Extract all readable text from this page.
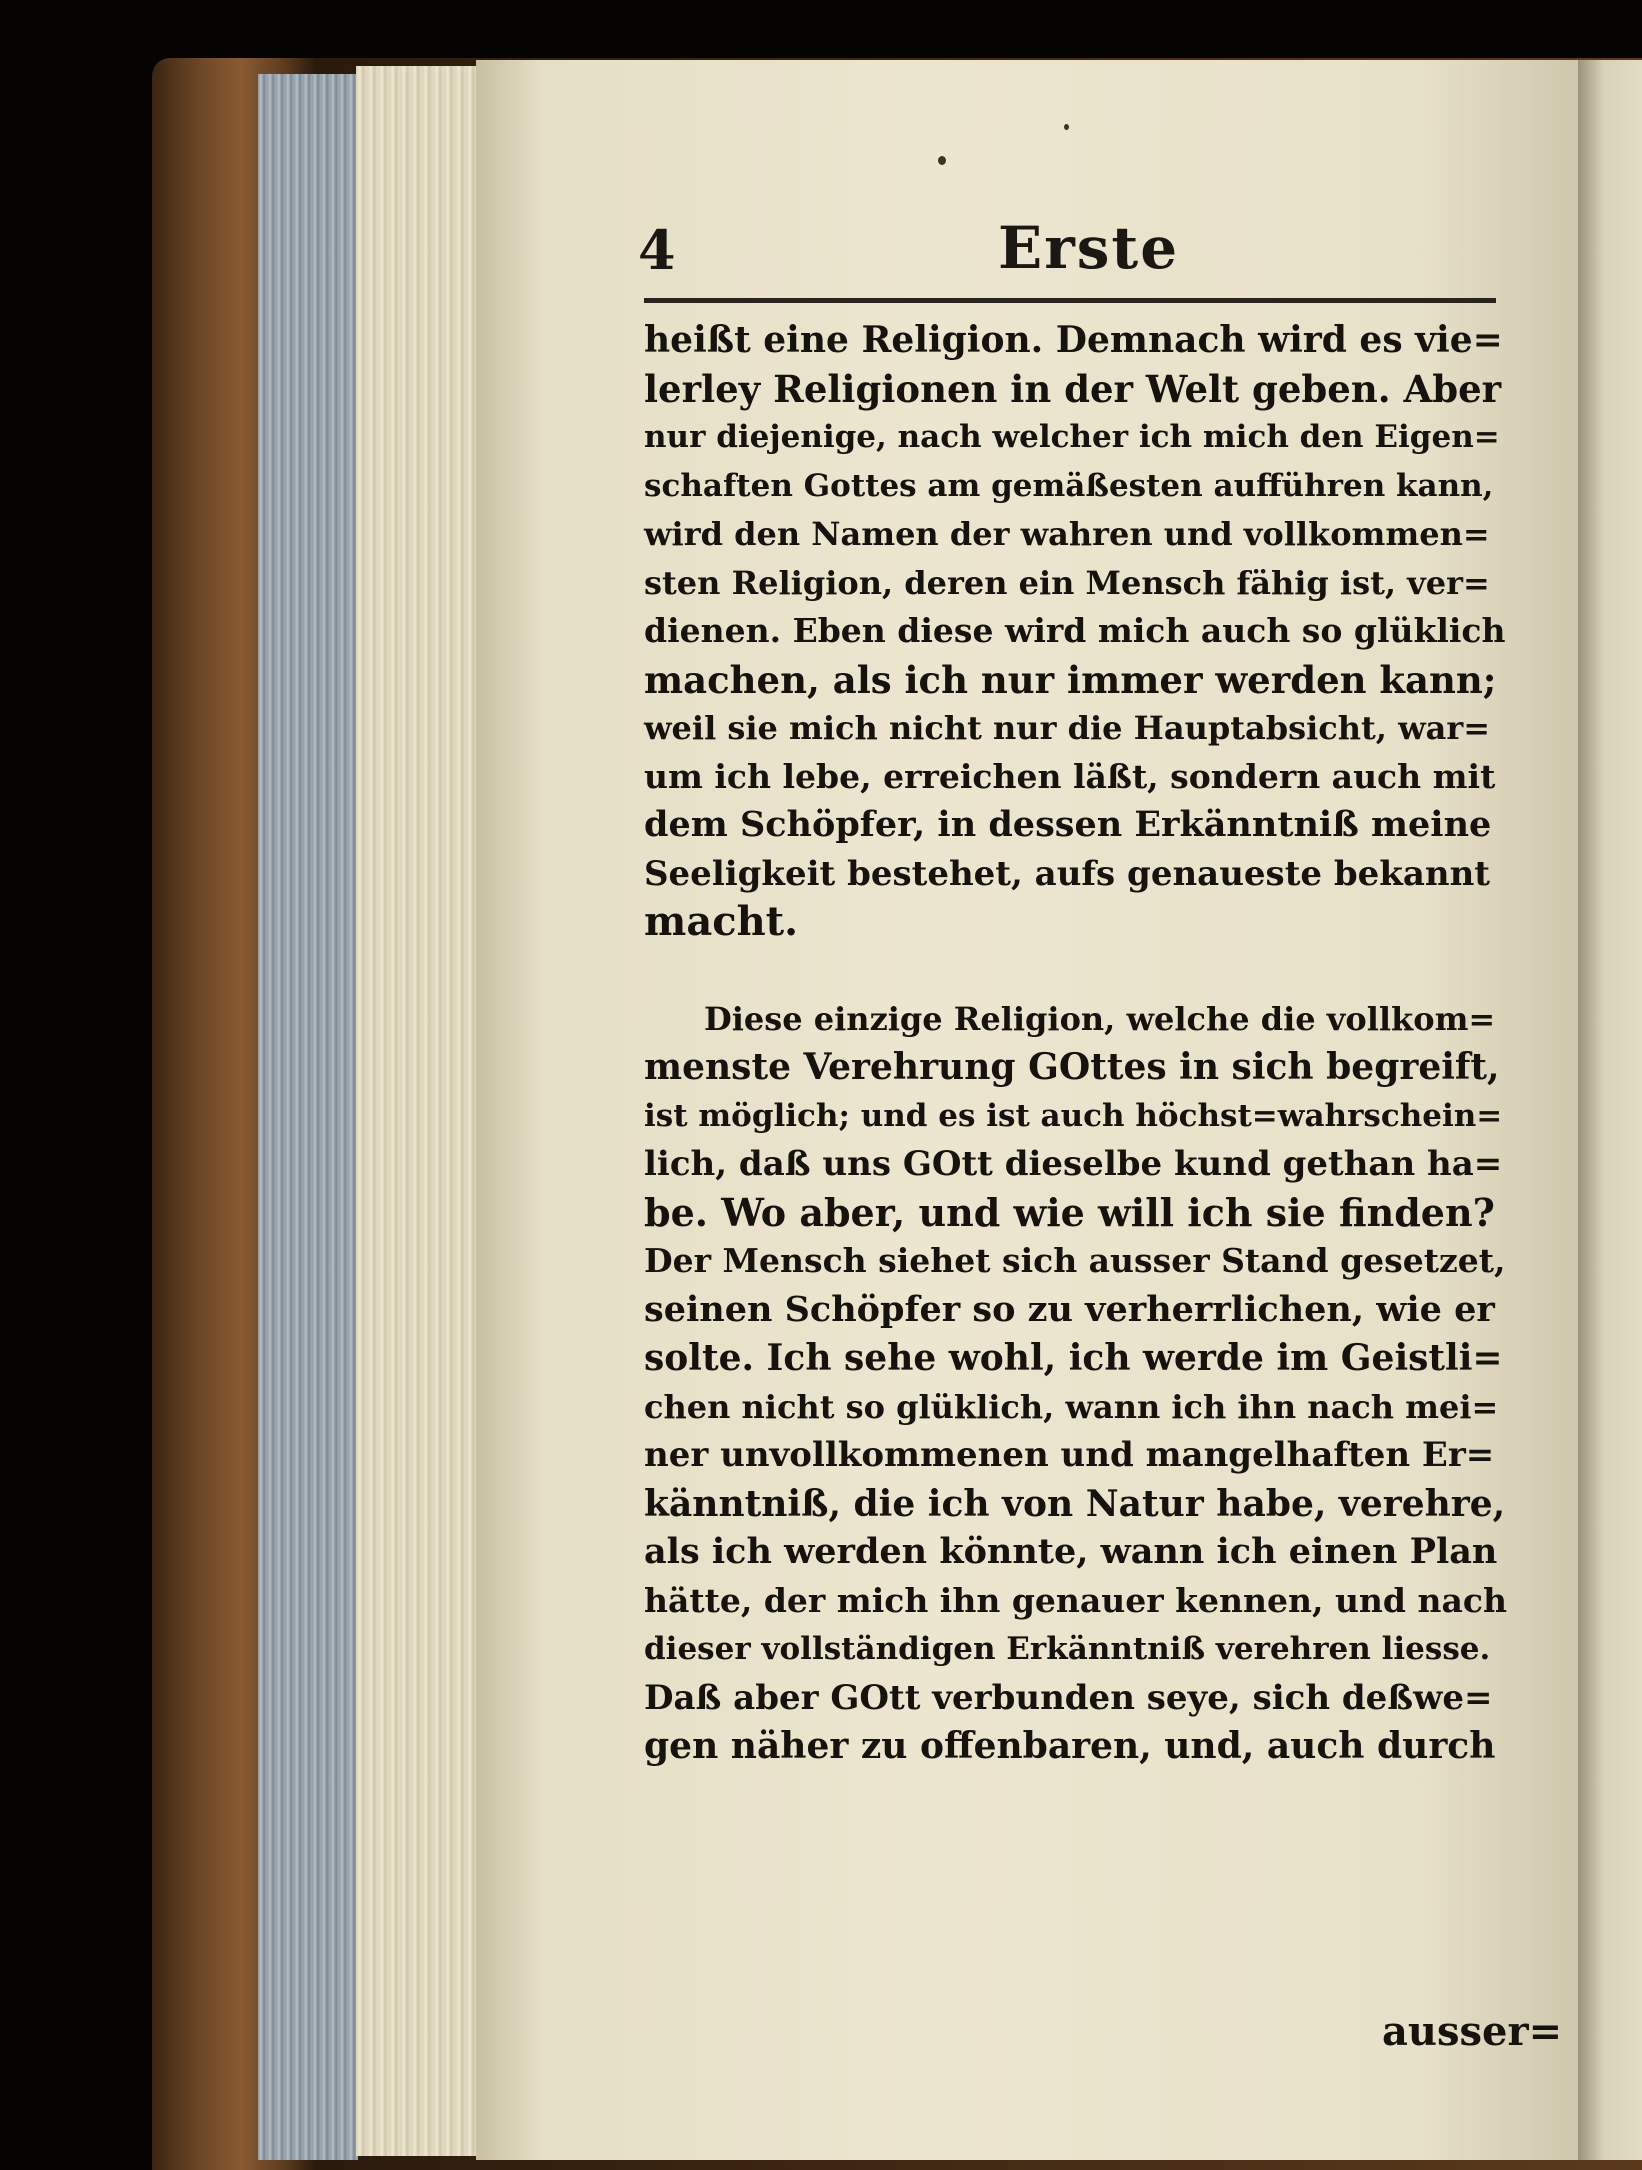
4	Erste
heißt eine Religion. Demnach wird es vie=
lerley Religionen in der Welt geben. Aber
nur diejenige, nach welcher ich mich den Eigen=
schaften Gottes am gemäßesten aufführen kann,
wird den Namen der wahren und vollkommen=
sten Religion, deren ein Mensch fähig ist, ver=
dienen. Eben diese wird mich auch so glüklich
machen, als ich nur immer werden kann;
weil sie mich nicht nur die Hauptabsicht, war=
um ich lebe, erreichen läßt, sondern auch mit
dem Schöpfer, in dessen Erkänntniß meine
Seeligkeit bestehet, aufs genaueste bekannt
macht.
Diese einzige Religion, welche die vollkom=
menste Verehrung GOttes in sich begreift,
ist möglich; und es ist auch höchst=wahrschein=
lich, daß uns GOtt dieselbe kund gethan ha=
be. Wo aber, und wie will ich sie finden?
Der Mensch siehet sich ausser Stand gesetzet,
seinen Schöpfer so zu verherrlichen, wie er
solte. Ich sehe wohl, ich werde im Geistli=
chen nicht so glüklich, wann ich ihn nach mei=
ner unvollkommenen und mangelhaften Er=
känntniß, die ich von Natur habe, verehre,
als ich werden könnte, wann ich einen Plan
hätte, der mich ihn genauer kennen, und nach
dieser vollständigen Erkänntniß verehren liesse.
Daß aber GOtt verbunden seye, sich deßwe=
gen näher zu offenbaren, und, auch durch
ausser=
